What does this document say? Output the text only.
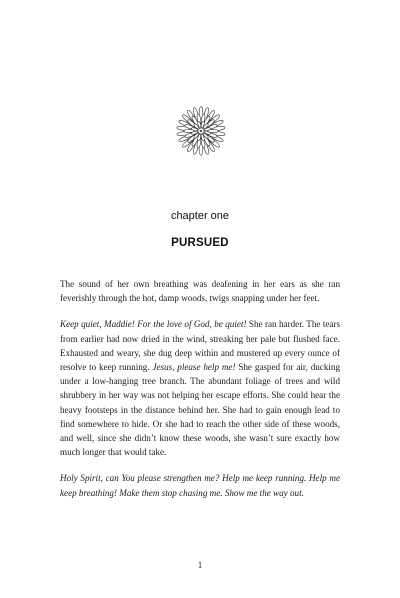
chapter one
PURSUED

The sound of her own breathing was deafening in her ears as she ran feverishly through the hot, damp woods, twigs snapping under her feet.

Keep quiet, Maddie! For the love of God, be quiet! She ran harder. The tears from earlier had now dried in the wind, streaking her pale but flushed face. Exhausted and weary, she dug deep within and mustered up every ounce of resolve to keep running. Jesus, please help me! She gasped for air, ducking under a low-hanging tree branch. The abundant foliage of trees and wild shrubbery in her way was not helping her escape efforts. She could hear the heavy footsteps in the distance behind her. She had to gain enough lead to find somewhere to hide. Or she had to reach the other side of these woods, and well, since she didn’t know these woods, she wasn’t sure exactly how much longer that would take.

Holy Spirit, can You please strengthen me? Help me keep running. Help me keep breathing! Make them stop chasing me. Show me the way out.

1
